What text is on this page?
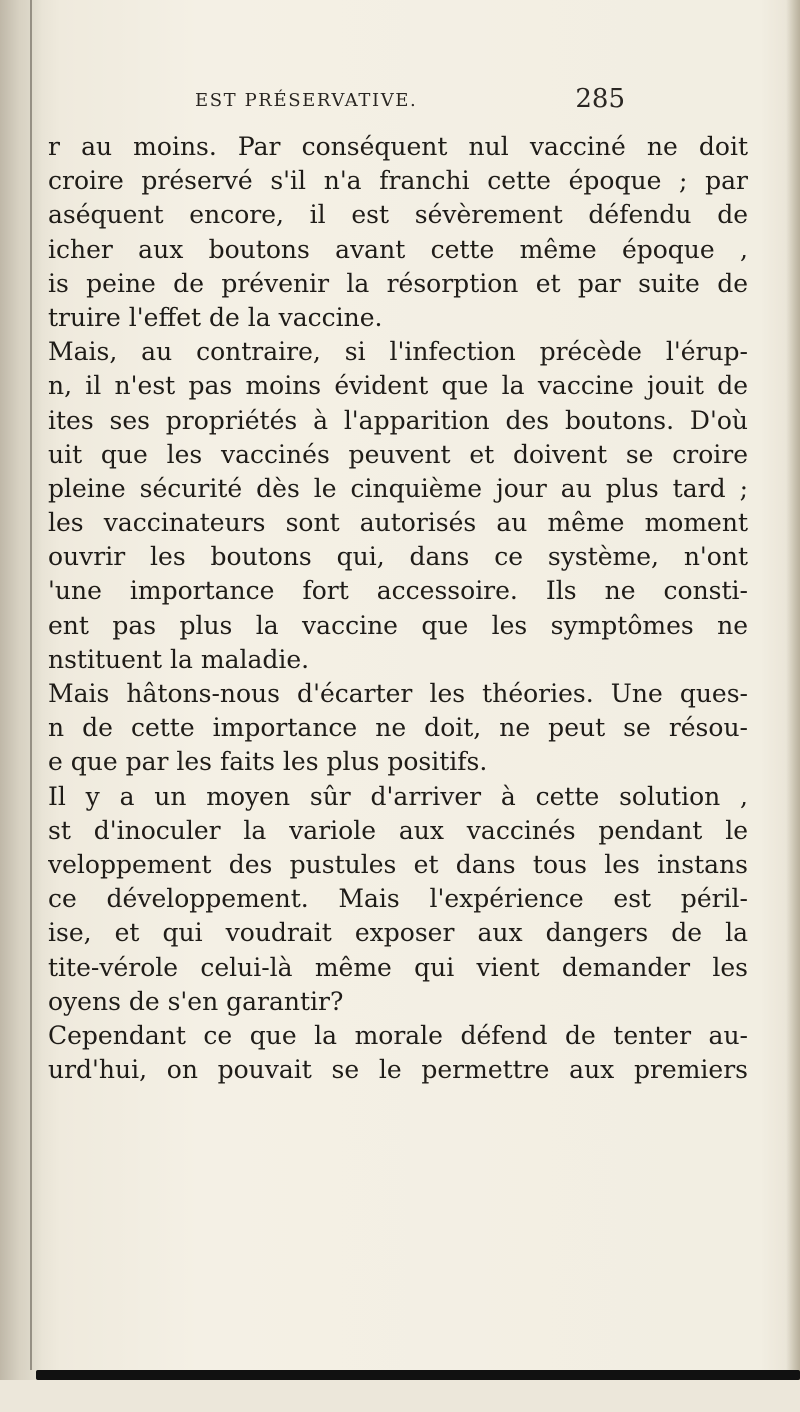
EST PRÉSERVATIVE.	285
r au moins. Par conséquent nul vacciné ne doit
croire préservé s'il n'a franchi cette époque ; par
aséquent encore, il est sévèrement défendu de
icher aux boutons avant cette même époque ,
is peine de prévenir la résorption et par suite de
truire l'effet de la vaccine.
Mais, au contraire, si l'infection précède l'érup-
n, il n'est pas moins évident que la vaccine jouit de
ites ses propriétés à l'apparition des boutons. D'où
uit que les vaccinés peuvent et doivent se croire
pleine sécurité dès le cinquième jour au plus tard ;
les vaccinateurs sont autorisés au même moment
ouvrir les boutons qui, dans ce système, n'ont
'une importance fort accessoire. Ils ne consti-
ent pas plus la vaccine que les symptômes ne
nstituent la maladie.
Mais hâtons-nous d'écarter les théories. Une ques-
n de cette importance ne doit, ne peut se résou-
e que par les faits les plus positifs.
Il y a un moyen sûr d'arriver à cette solution ,
st d'inoculer la variole aux vaccinés pendant le
veloppement des pustules et dans tous les instans
ce développement. Mais l'expérience est péril-
ise, et qui voudrait exposer aux dangers de la
tite-vérole celui-là même qui vient demander les
oyens de s'en garantir?
Cependant ce que la morale défend de tenter au-
urd'hui, on pouvait se le permettre aux premiers
